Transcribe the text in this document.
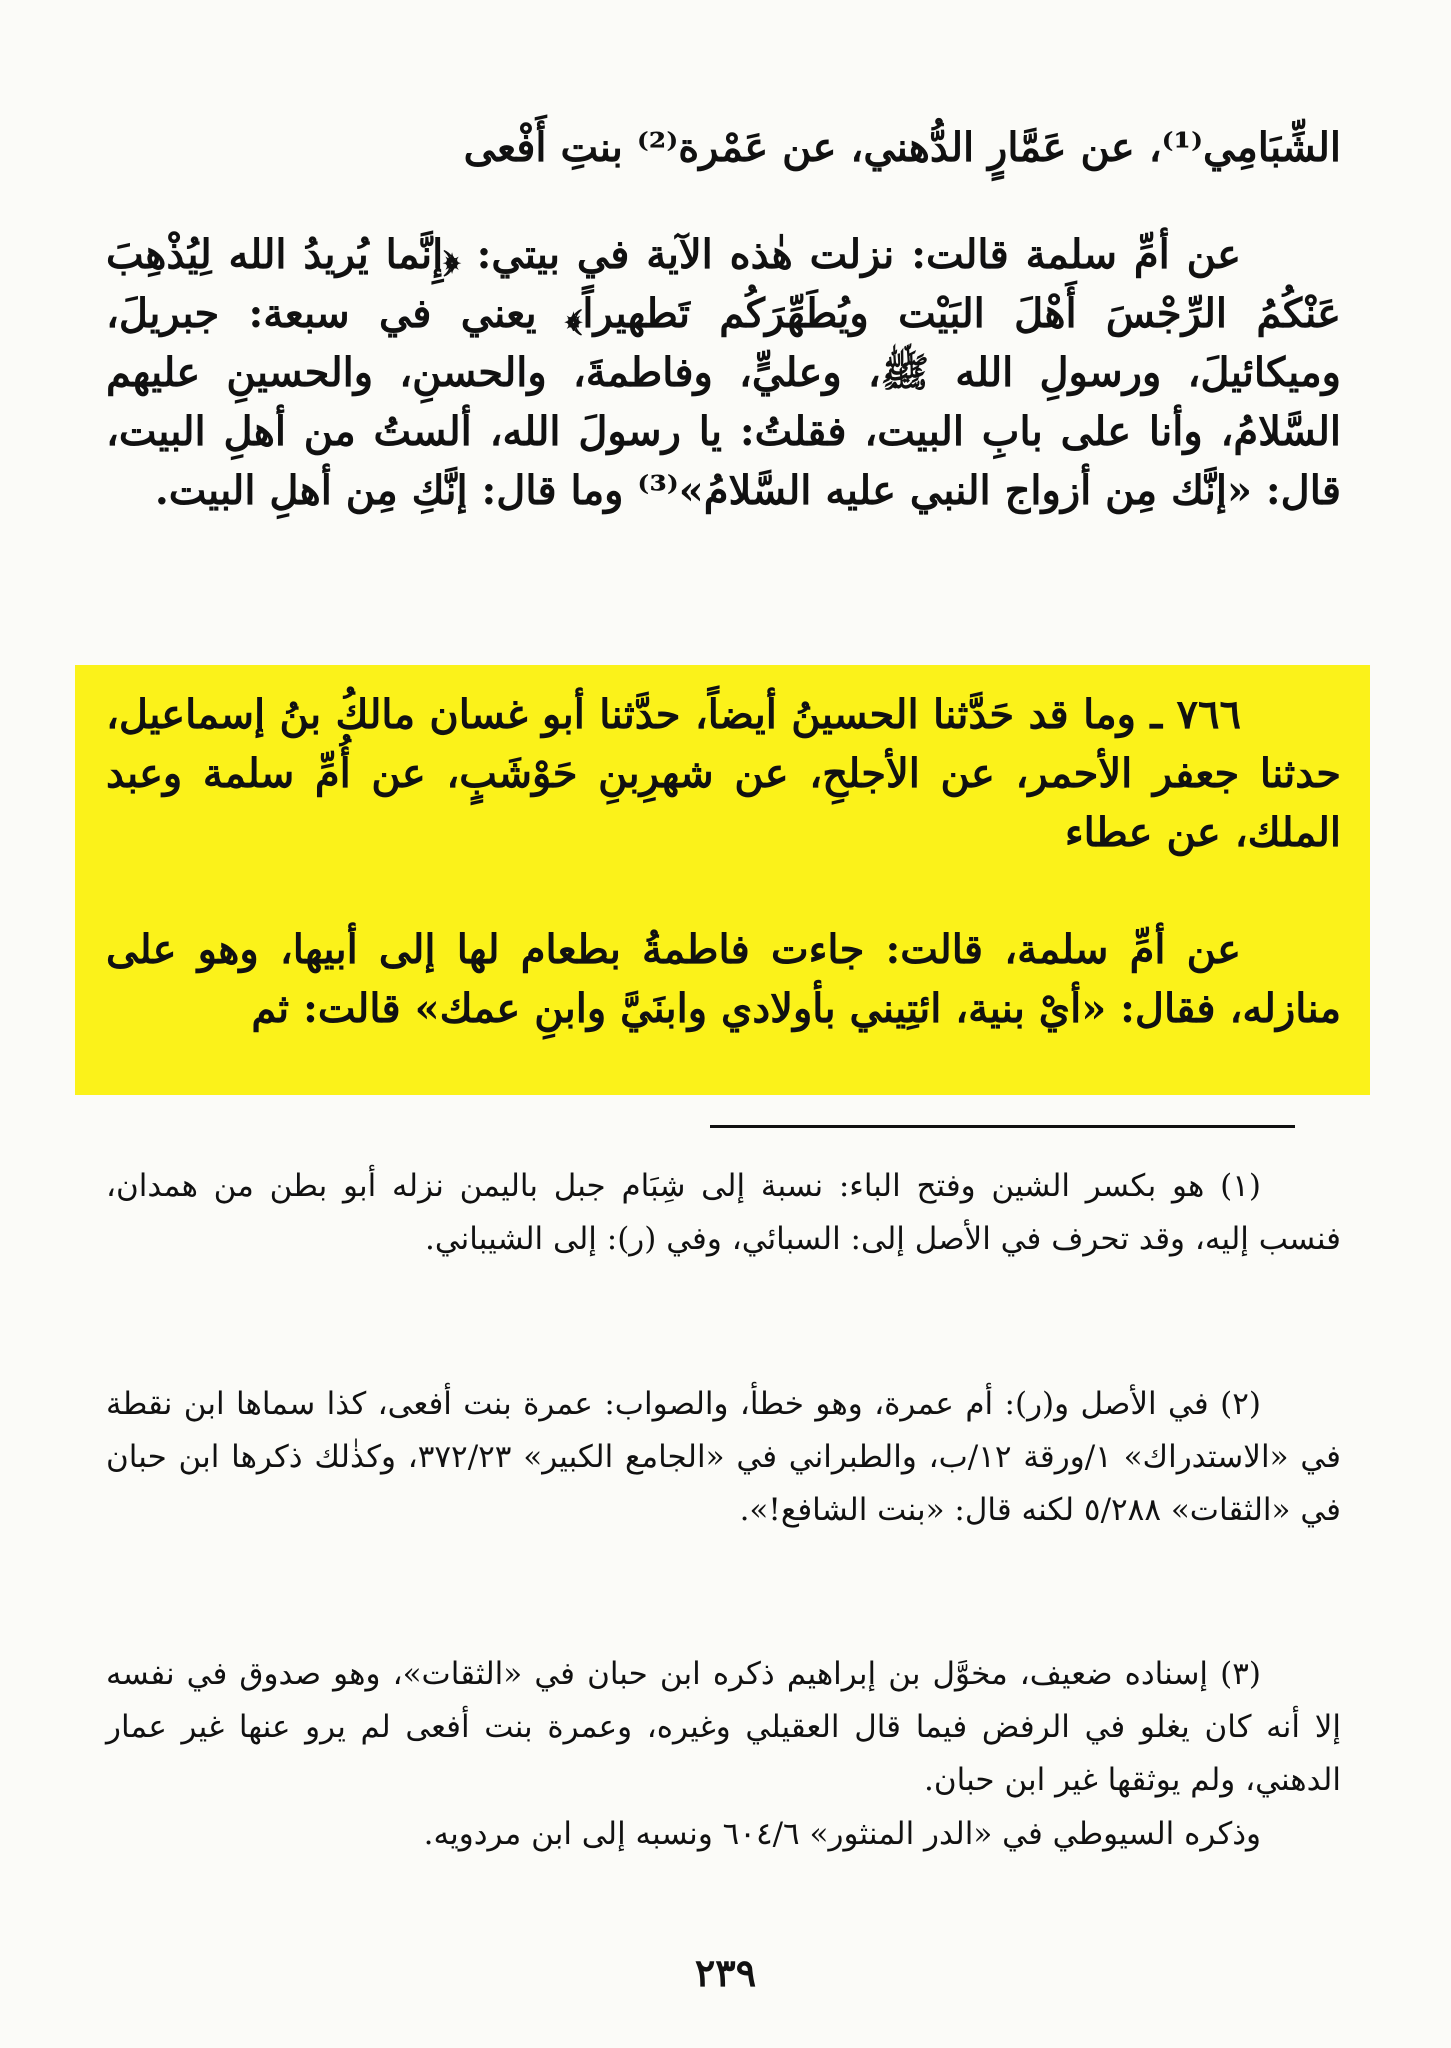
الشِّبَامِي⁽¹⁾، عن عَمَّارٍ الدُّهني، عن عَمْرة⁽²⁾ بنتِ أَفْعى
عن أمِّ سلمة قالت: نزلت هٰذه الآية في بيتي: ﴿إِنَّما يُريدُ الله لِيُذْهِبَ عَنْكُمُ الرِّجْسَ أَهْلَ البَيْت ويُطَهِّرَكُم تَطهيراً﴾ يعني في سبعة: جبريلَ، وميكائيلَ، ورسولِ الله ﷺ، وعليٍّ، وفاطمةَ، والحسنِ، والحسينِ عليهم السَّلامُ، وأنا على بابِ البيت، فقلتُ: يا رسولَ الله، ألستُ من أهلِ البيت، قال: «إنَّك مِن أزواج النبي عليه السَّلامُ»⁽³⁾ وما قال: إنَّكِ مِن أهلِ البيت.
٧٦٦ ـ وما قد حَدَّثنا الحسينُ أيضاً، حدَّثنا أبو غسان مالكُ بنُ إسماعيل، حدثنا جعفر الأحمر، عن الأجلحِ، عن شهرِبنِ حَوْشَبٍ، عن أُمِّ سلمة وعبد الملك، عن عطاء
عن أمِّ سلمة، قالت: جاءت فاطمةُ بطعام لها إلى أبيها، وهو على منازله، فقال: «أيْ بنية، ائتِيني بأولادي وابنَيَّ وابنِ عمك» قالت: ثم
(١) هو بكسر الشين وفتح الباء: نسبة إلى شِبَام جبل باليمن نزله أبو بطن من همدان، فنسب إليه، وقد تحرف في الأصل إلى: السبائي، وفي (ر): إلى الشيباني.
(٢) في الأصل و(ر): أم عمرة، وهو خطأ، والصواب: عمرة بنت أفعى، كذا سماها ابن نقطة في «الاستدراك» ١/ورقة ١٢/ب، والطبراني في «الجامع الكبير» ٣٧٢/٢٣، وكذٰلك ذكرها ابن حبان في «الثقات» ٥/٢٨٨ لكنه قال: «بنت الشافع!».
(٣) إسناده ضعيف، مخوَّل بن إبراهيم ذكره ابن حبان في «الثقات»، وهو صدوق في نفسه إلا أنه كان يغلو في الرفض فيما قال العقيلي وغيره، وعمرة بنت أفعى لم يرو عنها غير عمار الدهني، ولم يوثقها غير ابن حبان.
وذكره السيوطي في «الدر المنثور» ٦٠٤/٦ ونسبه إلى ابن مردويه.
٢٣٩
